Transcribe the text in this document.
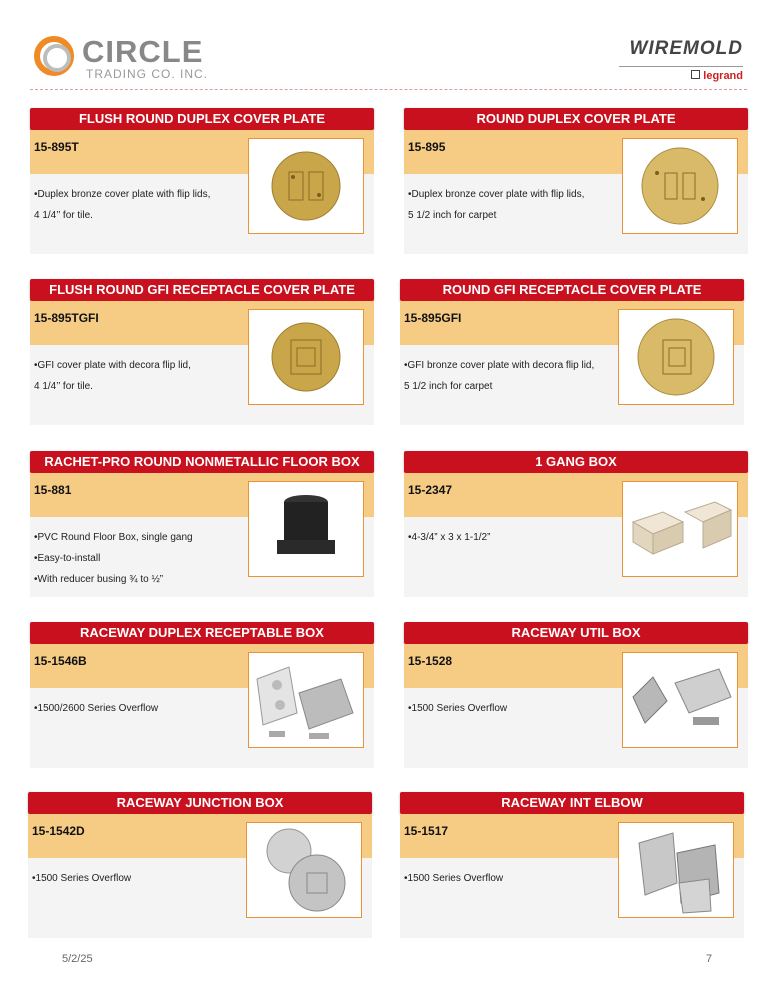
CIRCLE
TRADING CO. INC.
WIREMOLD
legrand
FLUSH ROUND DUPLEX COVER PLATE
15-895T
•Duplex bronze cover plate with flip lids,
4 1/4’’ for tile.
ROUND DUPLEX COVER PLATE
15-895
•Duplex bronze cover plate with flip lids,
5 1/2 inch for carpet
FLUSH ROUND GFI RECEPTACLE COVER PLATE
15-895TGFI
•GFI cover plate with decora flip lid,
4 1/4’’ for tile.
ROUND GFI RECEPTACLE COVER PLATE
15-895GFI
•GFI bronze cover plate with decora flip lid,
5 1/2 inch for carpet
RACHET-PRO ROUND NONMETALLIC FLOOR BOX
15-881
•PVC Round Floor Box, single gang
•Easy-to-install
•With reducer busing ¾ to ½”
1 GANG BOX
15-2347
•4-3/4” x 3 x 1-1/2”
RACEWAY DUPLEX RECEPTABLE BOX
15-1546B
•1500/2600 Series Overflow
RACEWAY UTIL BOX
15-1528
•1500 Series Overflow
RACEWAY JUNCTION BOX
15-1542D
•1500 Series Overflow
RACEWAY INT ELBOW
15-1517
•1500 Series Overflow
5/2/25	7
